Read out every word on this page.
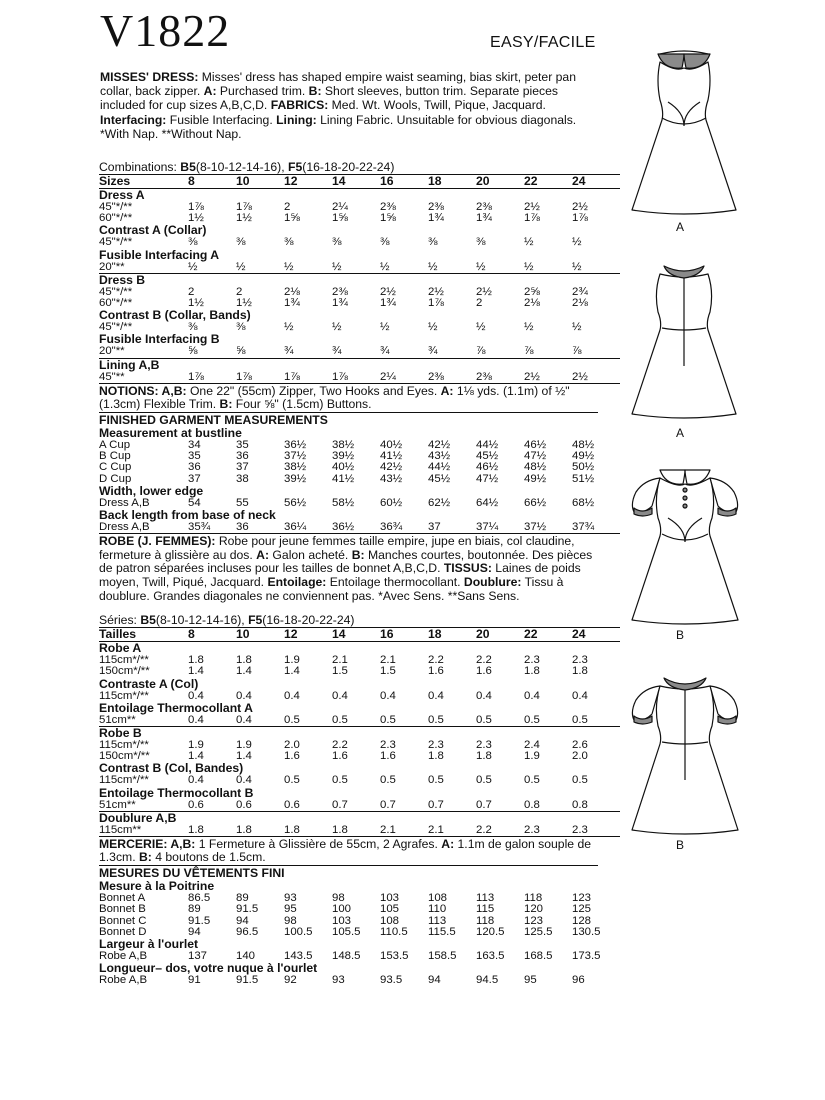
V1822	EASY/FACILE
MISSES' DRESS: Misses' dress has shaped empire waist seaming, bias skirt, peter pan collar, back zipper. A: Purchased trim. B: Short sleeves, button trim. Separate pieces included for cup sizes A,B,C,D. FABRICS: Med. Wt. Wools, Twill, Pique, Jacquard. Interfacing: Fusible Interfacing. Lining: Lining Fabric. Unsuitable for obvious diagonals. *With Nap. **Without Nap.
Combinations: B5(8-10-12-14-16), F5(16-18-20-22-24)
Sizes	8	10	12	14	16	18	20	22	24
Dress A									
45"*/**	1⅞	1⅞	2	2¼	2⅜	2⅜	2⅜	2½	2½
60"*/**	1½	1½	1⅝	1⅝	1⅝	1¾	1¾	1⅞	1⅞
Contrast A (Collar)									
45"*/**	⅜	⅜	⅜	⅜	⅜	⅜	⅜	½	½
Fusible Interfacing A									
20"**	½	½	½	½	½	½	½	½	½
Dress B									
45"*/**	2	2	2⅛	2⅜	2½	2½	2½	2⅝	2¾
60"*/**	1½	1½	1¾	1¾	1¾	1⅞	2	2⅛	2⅛
Contrast B (Collar, Bands)									
45"*/**	⅜	⅜	½	½	½	½	½	½	½
Fusible Interfacing B									
20"**	⅝	⅝	¾	¾	¾	¾	⅞	⅞	⅞
Lining A,B									
45"**	1⅞	1⅞	1⅞	1⅞	2¼	2⅜	2⅜	2½	2½

NOTIONS: A,B: One 22" (55cm) Zipper, Two Hooks and Eyes. A: 1⅛ yds. (1.1m) of ½" (1.3cm) Flexible Trim. B: Four ⅝" (1.5cm) Buttons.
FINISHED GARMENT MEASUREMENTS
Measurement at bustline									
A Cup	34	35	36½	38½	40½	42½	44½	46½	48½
B Cup	35	36	37½	39½	41½	43½	45½	47½	49½
C Cup	36	37	38½	40½	42½	44½	46½	48½	50½
D Cup	37	38	39½	41½	43½	45½	47½	49½	51½
Width, lower edge									
Dress A,B	54	55	56½	58½	60½	62½	64½	66½	68½
Back length from base of neck									
Dress A,B	35¾	36	36¼	36½	36¾	37	37¼	37½	37¾

ROBE (J. FEMMES): Robe pour jeune femmes taille empire, jupe en biais, col claudine, fermeture à glissière au dos. A: Galon acheté. B: Manches courtes, boutonnée. Des pièces de patron séparées incluses pour les tailles de bonnet A,B,C,D. TISSUS: Laines de poids moyen, Twill, Piqué, Jacquard. Entoilage: Entoilage thermocollant. Doublure: Tissu à doublure. Grandes diagonales ne conviennent pas. *Avec Sens. **Sans Sens.
Séries: B5(8-10-12-14-16), F5(16-18-20-22-24)
Tailles	8	10	12	14	16	18	20	22	24
Robe A									
115cm*/**	1.8	1.8	1.9	2.1	2.1	2.2	2.2	2.3	2.3
150cm*/**	1.4	1.4	1.4	1.5	1.5	1.6	1.6	1.8	1.8
Contraste A (Col)									
115cm*/**	0.4	0.4	0.4	0.4	0.4	0.4	0.4	0.4	0.4
Entoilage Thermocollant A									
51cm**	0.4	0.4	0.5	0.5	0.5	0.5	0.5	0.5	0.5
Robe B									
115cm*/**	1.9	1.9	2.0	2.2	2.3	2.3	2.3	2.4	2.6
150cm*/**	1.4	1.4	1.6	1.6	1.6	1.8	1.8	1.9	2.0
Contrast B (Col, Bandes)									
115cm*/**	0.4	0.4	0.5	0.5	0.5	0.5	0.5	0.5	0.5
Entoilage Thermocollant B									
51cm**	0.6	0.6	0.6	0.7	0.7	0.7	0.7	0.8	0.8
Doublure A,B									
115cm**	1.8	1.8	1.8	1.8	2.1	2.1	2.2	2.3	2.3

MERCERIE: A,B: 1 Fermeture à Glissière de 55cm, 2 Agrafes. A: 1.1m de galon souple de 1.3cm. B: 4 boutons de 1.5cm.
MESURES DU VÊTEMENTS FINI
Mesure à la Poitrine									
Bonnet A	86.5	89	93	98	103	108	113	118	123
Bonnet B	89	91.5	95	100	105	110	115	120	125
Bonnet C	91.5	94	98	103	108	113	118	123	128
Bonnet D	94	96.5	100.5	105.5	110.5	115.5	120.5	125.5	130.5
Largeur à l'ourlet									
Robe A,B	137	140	143.5	148.5	153.5	158.5	163.5	168.5	173.5
Longueur– dos, votre nuque à l'ourlet									
Robe A,B	91	91.5	92	93	93.5	94	94.5	95	96
A
A
B
B
